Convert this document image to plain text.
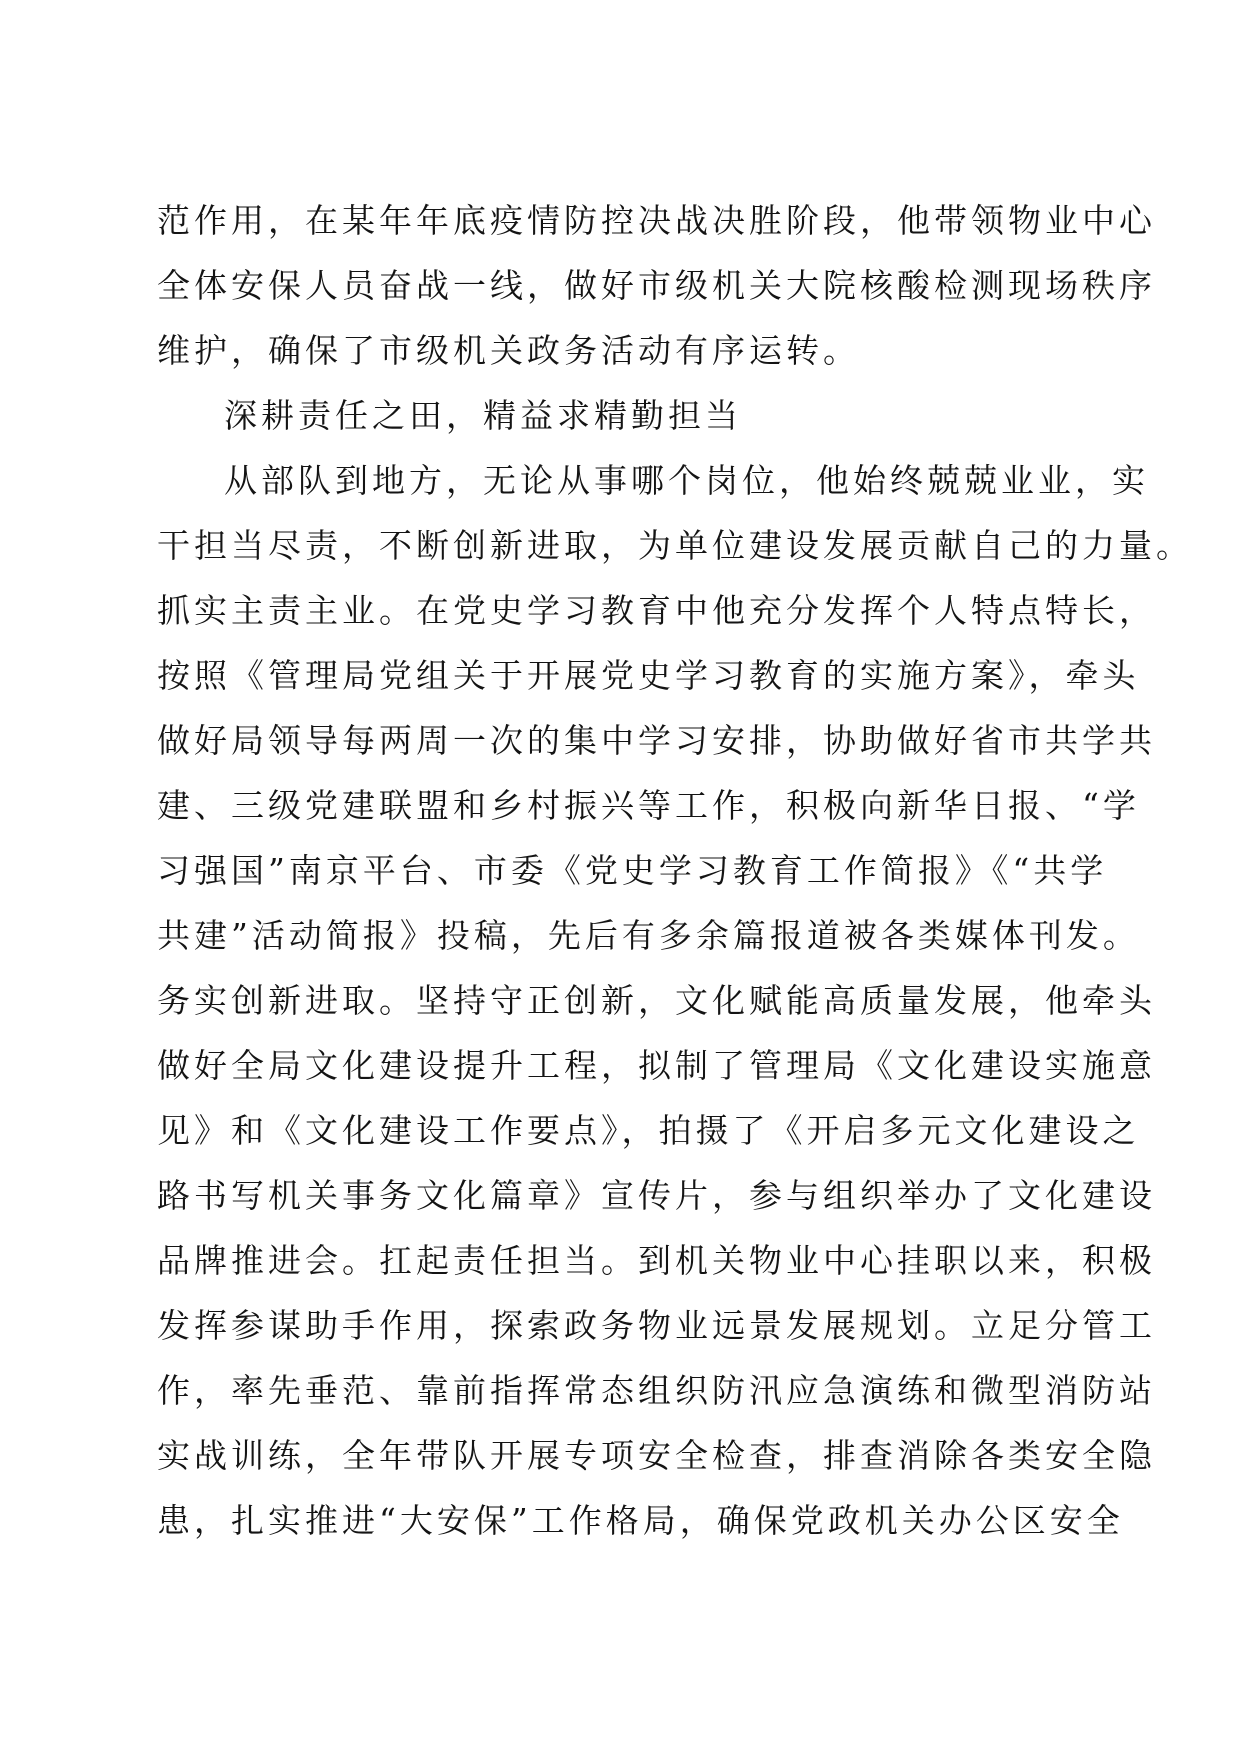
范作用，在某年年底疫情防控决战决胜阶段，他带领物业中心
全体安保人员奋战一线，做好市级机关大院核酸检测现场秩序
维护，确保了市级机关政务活动有序运转。
深耕责任之田，精益求精勤担当
从部队到地方，无论从事哪个岗位，他始终兢兢业业，实
干担当尽责，不断创新进取，为单位建设发展贡献自己的力量。
抓实主责主业。在党史学习教育中他充分发挥个人特点特长，
按照《管理局党组关于开展党史学习教育的实施方案》，牵头
做好局领导每两周一次的集中学习安排，协助做好省市共学共
建、三级党建联盟和乡村振兴等工作，积极向新华日报、“学
习强国”南京平台、市委《党史学习教育工作简报》《“共学
共建”活动简报》投稿，先后有多余篇报道被各类媒体刊发。
务实创新进取。坚持守正创新，文化赋能高质量发展，他牵头
做好全局文化建设提升工程，拟制了管理局《文化建设实施意
见》和《文化建设工作要点》，拍摄了《开启多元文化建设之
路书写机关事务文化篇章》宣传片，参与组织举办了文化建设
品牌推进会。扛起责任担当。到机关物业中心挂职以来，积极
发挥参谋助手作用，探索政务物业远景发展规划。立足分管工
作，率先垂范、靠前指挥常态组织防汛应急演练和微型消防站
实战训练，全年带队开展专项安全检查，排查消除各类安全隐
患，扎实推进“大安保”工作格局，确保党政机关办公区安全
